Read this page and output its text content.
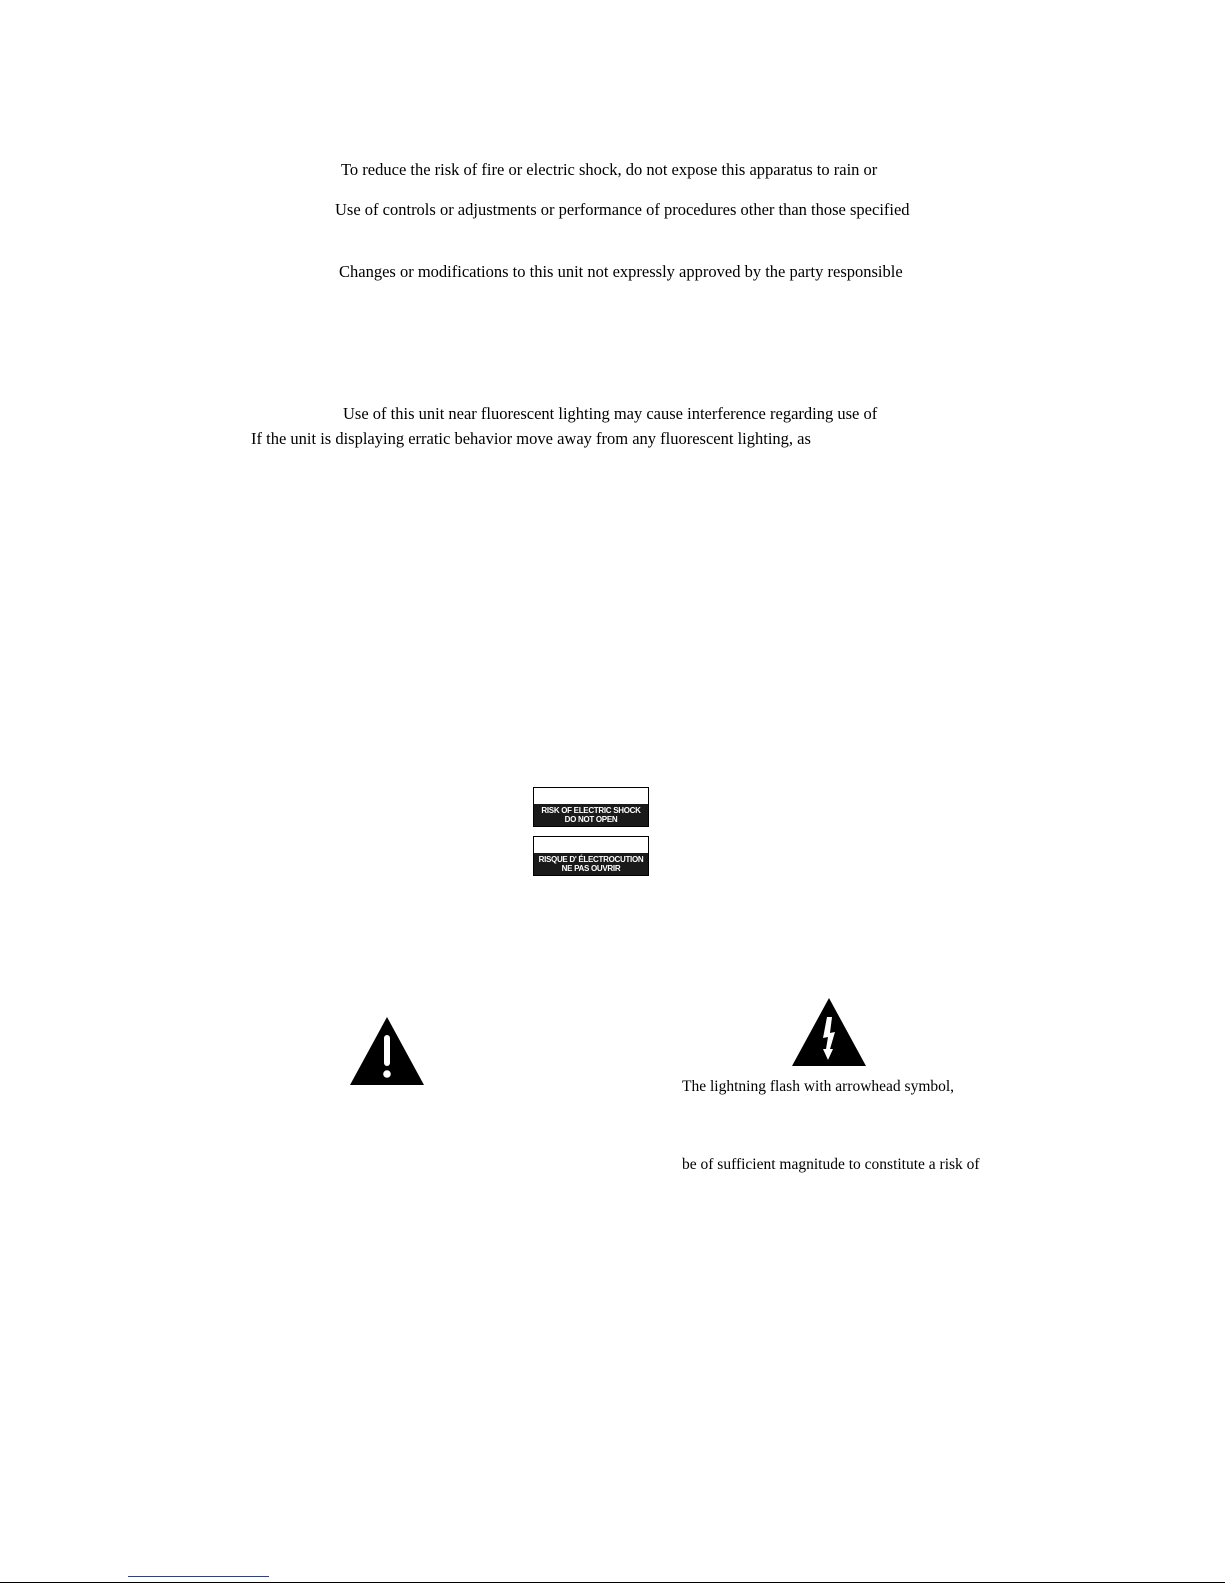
To reduce the risk of fire or electric shock, do not expose this apparatus to rain or
Use of controls or adjustments or performance of procedures other than those specified
Changes or modifications to this unit not expressly approved by the party responsible
Use of this unit near fluorescent lighting may cause interference regarding use of
If the unit is displaying erratic behavior move away from any fluorescent lighting, as
RISK OF ELECTRIC SHOCK
DO NOT OPEN
RISQUE D' ÉLECTROCUTION
NE PAS OUVRIR
The lightning flash with arrowhead symbol,
be of sufficient magnitude to constitute a risk of
